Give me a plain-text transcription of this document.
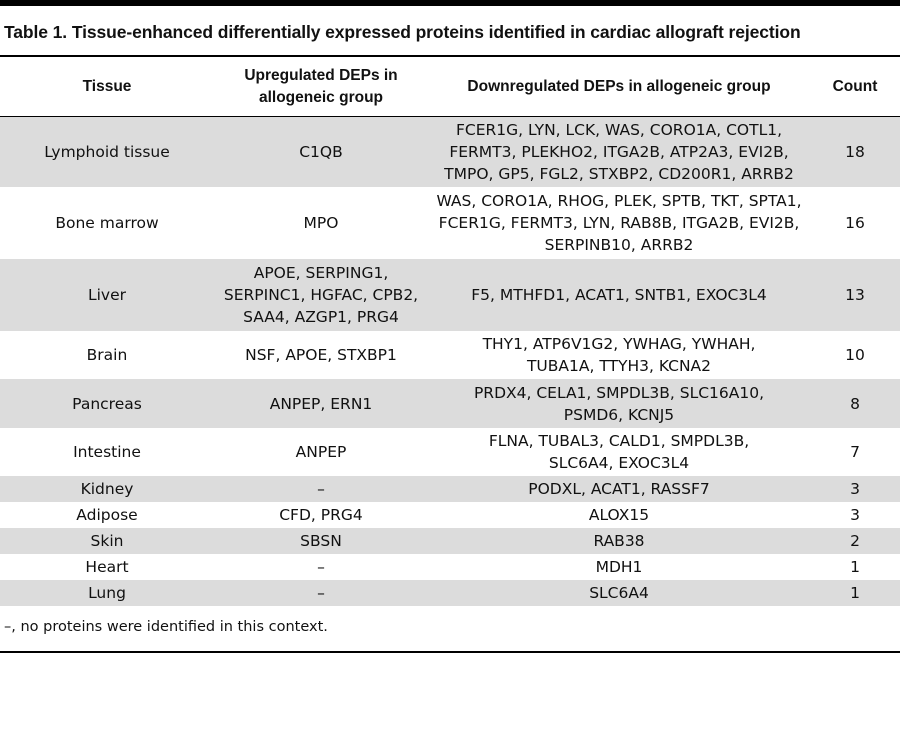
Table 1. Tissue-enhanced differentially expressed proteins identified in cardiac allograft rejection
Tissue	Upregulated DEPs in allogeneic group	Downregulated DEPs in allogeneic group	Count
Lymphoid tissue	C1QB	FCER1G, LYN, LCK, WAS, CORO1A, COTL1, FERMT3, PLEKHO2, ITGA2B, ATP2A3, EVI2B, TMPO, GP5, FGL2, STXBP2, CD200R1, ARRB2	18
Bone marrow	MPO	WAS, CORO1A, RHOG, PLEK, SPTB, TKT, SPTA1, FCER1G, FERMT3, LYN, RAB8B, ITGA2B, EVI2B, SERPINB10, ARRB2	16
Liver	APOE, SERPING1, SERPINC1, HGFAC, CPB2, SAA4, AZGP1, PRG4	F5, MTHFD1, ACAT1, SNTB1, EXOC3L4	13
Brain	NSF, APOE, STXBP1	THY1, ATP6V1G2, YWHAG, YWHAH, TUBA1A, TTYH3, KCNA2	10
Pancreas	ANPEP, ERN1	PRDX4, CELA1, SMPDL3B, SLC16A10, PSMD6, KCNJ5	8
Intestine	ANPEP	FLNA, TUBAL3, CALD1, SMPDL3B, SLC6A4, EXOC3L4	7
Kidney	–	PODXL, ACAT1, RASSF7	3
Adipose	CFD, PRG4	ALOX15	3
Skin	SBSN	RAB38	2
Heart	–	MDH1	1
Lung	–	SLC6A4	1
–, no proteins were identified in this context.
